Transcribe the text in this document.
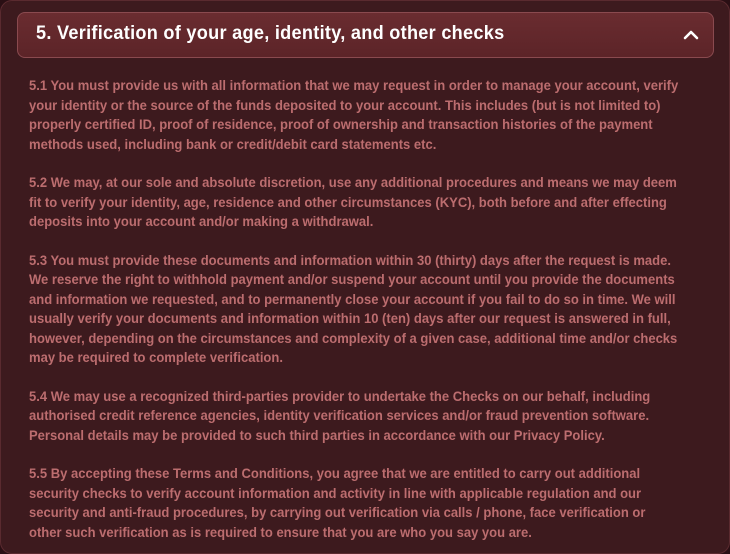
5. Verification of your age, identity, and other checks

5.1 You must provide us with all information that we may request in order to manage your account, verify
your identity or the source of the funds deposited to your account. This includes (but is not limited to)
properly certified ID, proof of residence, proof of ownership and transaction histories of the payment
methods used, including bank or credit/debit card statements etc.

5.2 We may, at our sole and absolute discretion, use any additional procedures and means we may deem
fit to verify your identity, age, residence and other circumstances (KYC), both before and after effecting
deposits into your account and/or making a withdrawal.

5.3 You must provide these documents and information within 30 (thirty) days after the request is made.
We reserve the right to withhold payment and/or suspend your account until you provide the documents
and information we requested, and to permanently close your account if you fail to do so in time. We will
usually verify your documents and information within 10 (ten) days after our request is answered in full,
however, depending on the circumstances and complexity of a given case, additional time and/or checks
may be required to complete verification.

5.4 We may use a recognized third-parties provider to undertake the Checks on our behalf, including
authorised credit reference agencies, identity verification services and/or fraud prevention software.
Personal details may be provided to such third parties in accordance with our Privacy Policy.

5.5 By accepting these Terms and Conditions, you agree that we are entitled to carry out additional
security checks to verify account information and activity in line with applicable regulation and our
security and anti-fraud procedures, by carrying out verification via calls / phone, face verification or
other such verification as is required to ensure that you are who you say you are.
